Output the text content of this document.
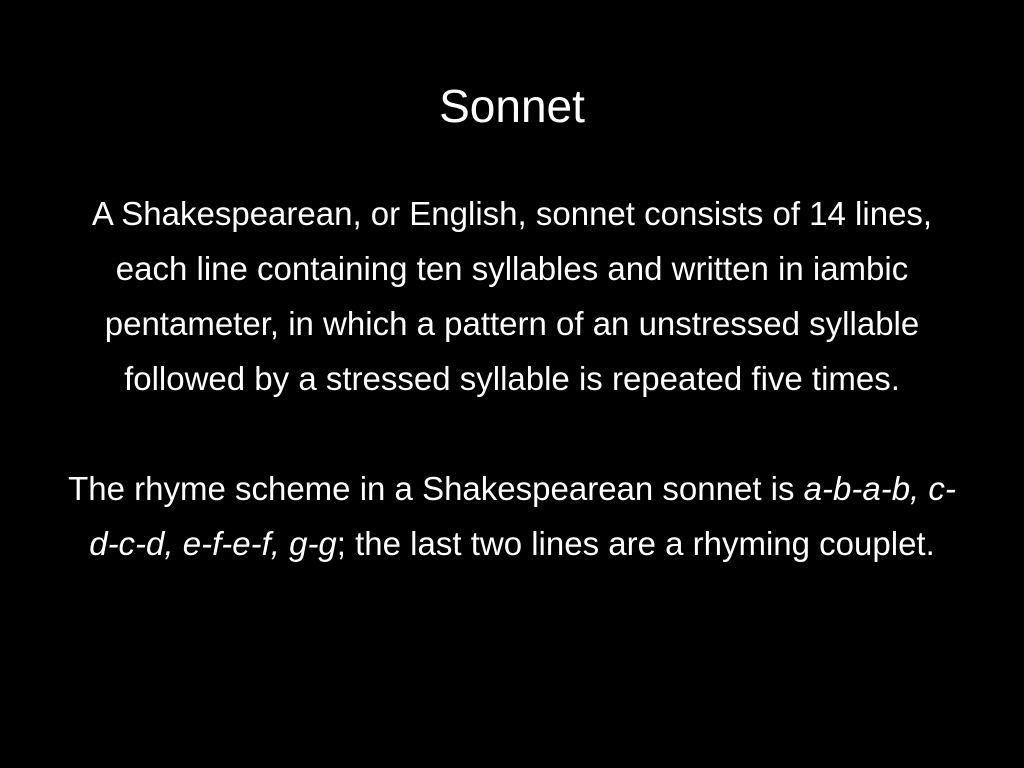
Sonnet

A Shakespearean, or English, sonnet consists of 14 lines, each line containing ten syllables and written in iambic pentameter, in which a pattern of an unstressed syllable followed by a stressed syllable is repeated five times.

The rhyme scheme in a Shakespearean sonnet is a-b-a-b, c-d-c-d, e-f-e-f, g-g; the last two lines are a rhyming couplet.
